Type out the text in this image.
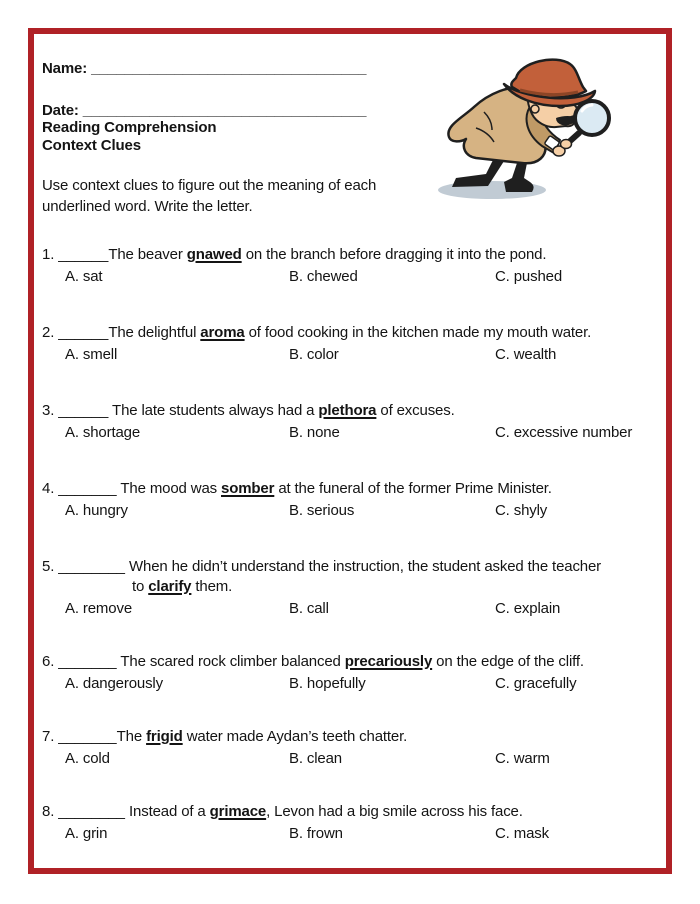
Name: _________________________________
Date: __________________________________
Reading Comprehension
Context Clues
Use context clues to figure out the meaning of each
underlined word. Write the letter.
1. ______The beaver gnawed on the branch before dragging it into the pond.
A. sat	B. chewed	C. pushed
2. ______The delightful aroma of food cooking in the kitchen made my mouth water.
A. smell	B. color	C. wealth
3. ______ The late students always had a plethora of excuses.
A. shortage	B. none	C. excessive number
4. _______ The mood was somber at the funeral of the former Prime Minister.
A. hungry	B. serious	C. shyly
5. ________ When he didn’t understand the instruction, the student asked the teacher
to clarify them.
A. remove	B. call	C. explain
6. _______ The scared rock climber balanced precariously on the edge of the cliff.
A. dangerously	B. hopefully	C. gracefully
7. _______The frigid water made Aydan’s teeth chatter.
A. cold	B. clean	C. warm
8. ________ Instead of a grimace, Levon had a big smile across his face.
A. grin	B. frown	C. mask
